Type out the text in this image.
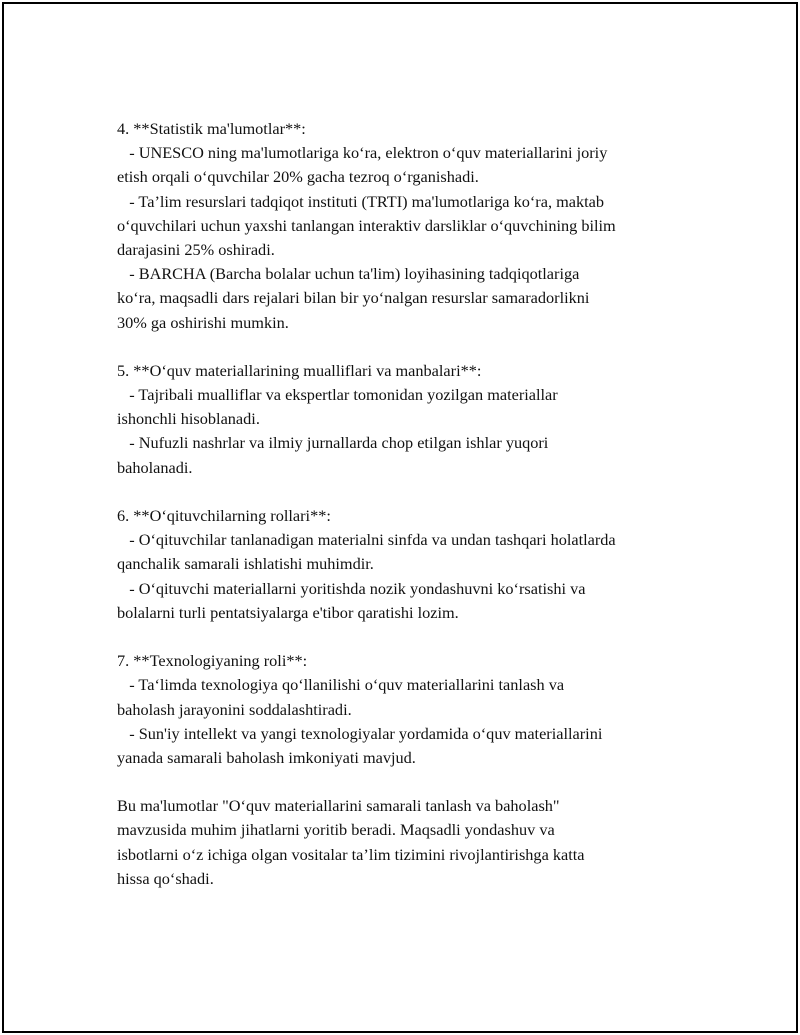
4. **Statistik ma'lumotlar**:
- UNESCO ning ma'lumotlariga ko‘ra, elektron o‘quv materiallarini joriy
etish orqali o‘quvchilar 20% gacha tezroq o‘rganishadi.
- Ta’lim resurslari tadqiqot instituti (TRTI) ma'lumotlariga ko‘ra, maktab
o‘quvchilari uchun yaxshi tanlangan interaktiv darsliklar o‘quvchining bilim
darajasini 25% oshiradi.
- BARCHA (Barcha bolalar uchun ta'lim) loyihasining tadqiqotlariga
ko‘ra, maqsadli dars rejalari bilan bir yo‘nalgan resurslar samaradorlikni
30% ga oshirishi mumkin.
5. **O‘quv materiallarining mualliflari va manbalari**:
- Tajribali mualliflar va ekspertlar tomonidan yozilgan materiallar
ishonchli hisoblanadi.
- Nufuzli nashrlar va ilmiy jurnallarda chop etilgan ishlar yuqori
baholanadi.
6. **O‘qituvchilarning rollari**:
- O‘qituvchilar tanlanadigan materialni sinfda va undan tashqari holatlarda
qanchalik samarali ishlatishi muhimdir.
- O‘qituvchi materiallarni yoritishda nozik yondashuvni ko‘rsatishi va
bolalarni turli pentatsiyalarga e'tibor qaratishi lozim.
7. **Texnologiyaning roli**:
- Ta‘limda texnologiya qo‘llanilishi o‘quv materiallarini tanlash va
baholash jarayonini soddalashtiradi.
- Sun'iy intellekt va yangi texnologiyalar yordamida o‘quv materiallarini
yanada samarali baholash imkoniyati mavjud.
Bu ma'lumotlar "O‘quv materiallarini samarali tanlash va baholash"
mavzusida muhim jihatlarni yoritib beradi. Maqsadli yondashuv va
isbotlarni o‘z ichiga olgan vositalar ta’lim tizimini rivojlantirishga katta
hissa qo‘shadi.
